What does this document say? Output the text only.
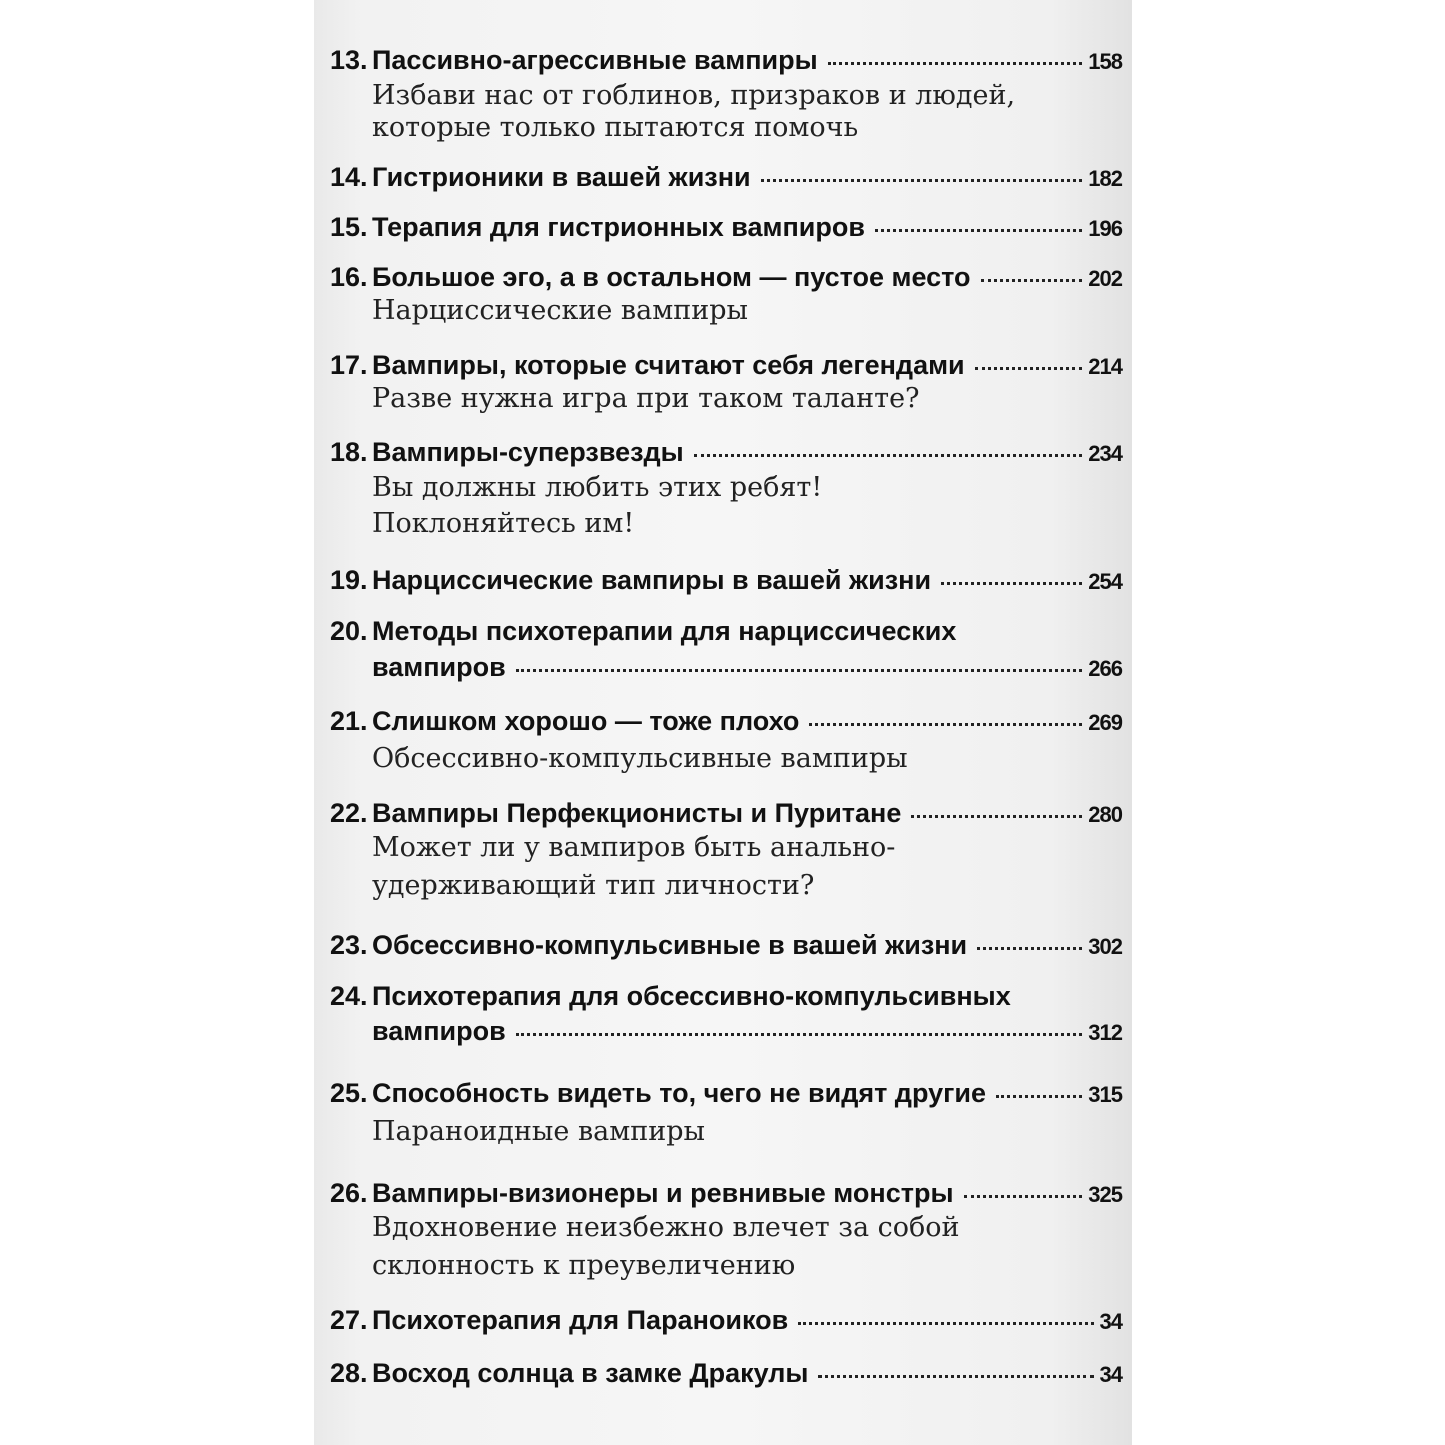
13. Пассивно-агрессивные вампиры	158
Избави нас от гоблинов, призраков и людей,
которые только пытаются помочь
14. Гистрионики в вашей жизни	182
15. Терапия для гистрионных вампиров	196
16. Большое эго, а в остальном — пустое место	202
Нарциссические вампиры
17. Вампиры, которые считают себя легендами	214
Разве нужна игра при таком таланте?
18. Вампиры-суперзвезды	234
Вы должны любить этих ребят!
Поклоняйтесь им!
19. Нарциссические вампиры в вашей жизни	254
20. Методы психотерапии для нарциссических
вампиров	266
21. Слишком хорошо — тоже плохо	269
Обсессивно-компульсивные вампиры
22. Вампиры Перфекционисты и Пуритане	280
Может ли у вампиров быть анально-
удерживающий тип личности?
23. Обсессивно-компульсивные в вашей жизни	302
24. Психотерапия для обсессивно-компульсивных
вампиров	312
25. Способность видеть то, чего не видят другие	315
Параноидные вампиры
26. Вампиры-визионеры и ревнивые монстры	325
Вдохновение неизбежно влечет за собой
склонность к преувеличению
27. Психотерапия для Параноиков	34
28. Восход солнца в замке Дракулы	34
